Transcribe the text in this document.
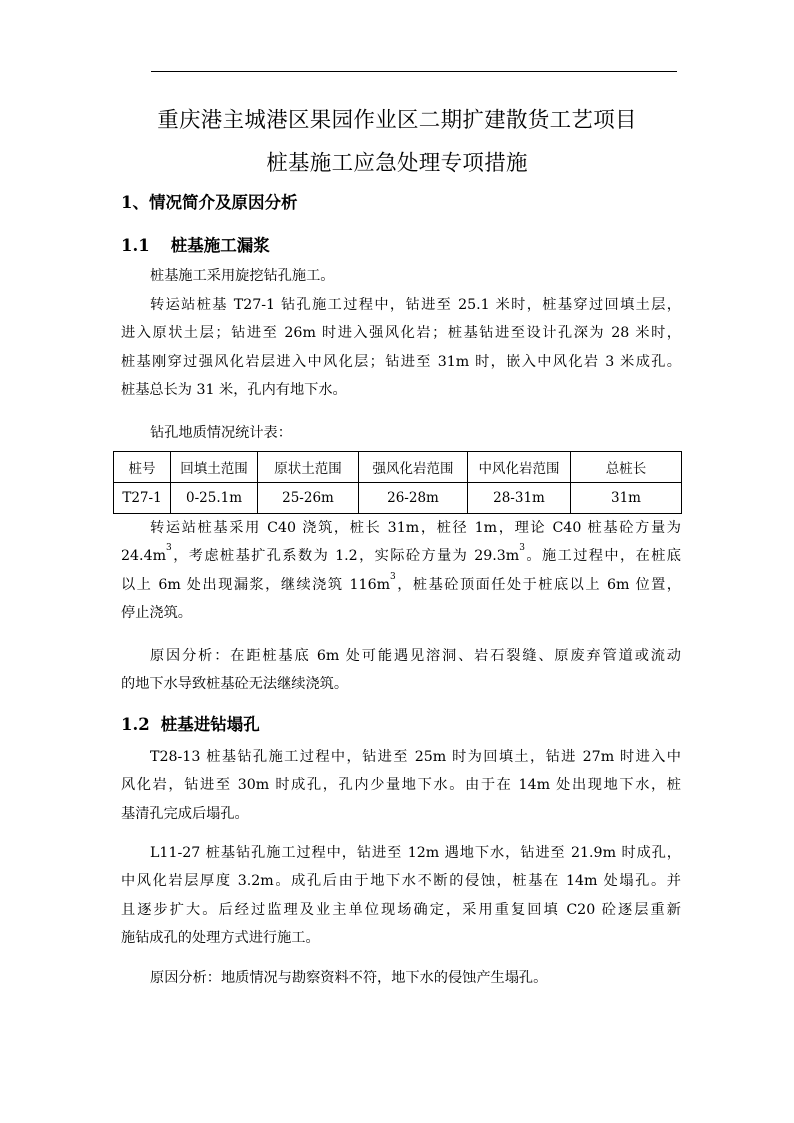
重庆港主城港区果园作业区二期扩建散货工艺项目
桩基施工应急处理专项措施
1、情况简介及原因分析
1.1 桩基施工漏浆
桩基施工采用旋挖钻孔施工。
转运站桩基 T27-1 钻孔施工过程中，钻进至 25.1 米时，桩基穿过回填土层，
进入原状土层；钻进至 26m 时进入强风化岩；桩基钻进至设计孔深为 28 米时，
桩基刚穿过强风化岩层进入中风化层；钻进至 31m 时，嵌入中风化岩 3 米成孔。
桩基总长为 31 米，孔内有地下水。
钻孔地质情况统计表：
桩号	回填土范围	原状土范围	强风化岩范围	中风化岩范围	总桩长
T27-1	0-25.1m	25-26m	26-28m	28-31m	31m
转运站桩基采用 C40 浇筑，桩长 31m，桩径 1m，理论 C40 桩基砼方量为
$24.4m^3$，考虑桩基扩孔系数为 1.2，实际砼方量为 $29.3m^3$。施工过程中，在桩底
以上 6m 处出现漏浆，继续浇筑 $116m^3$，桩基砼顶面任处于桩底以上 6m 位置，
停止浇筑。
原因分析：在距桩基底 6m 处可能遇见溶洞、岩石裂缝、原废弃管道或流动
的地下水导致桩基砼无法继续浇筑。
1.2 桩基进钻塌孔
T28-13 桩基钻孔施工过程中，钻进至 25m 时为回填土，钻进 27m 时进入中
风化岩，钻进至 30m 时成孔，孔内少量地下水。由于在 14m 处出现地下水，桩
基清孔完成后塌孔。
L11-27 桩基钻孔施工过程中，钻进至 12m 遇地下水，钻进至 21.9m 时成孔，
中风化岩层厚度 3.2m。成孔后由于地下水不断的侵蚀，桩基在 14m 处塌孔。并
且逐步扩大。后经过监理及业主单位现场确定，采用重复回填 C20 砼逐层重新
施钻成孔的处理方式进行施工。
原因分析：地质情况与勘察资料不符，地下水的侵蚀产生塌孔。
